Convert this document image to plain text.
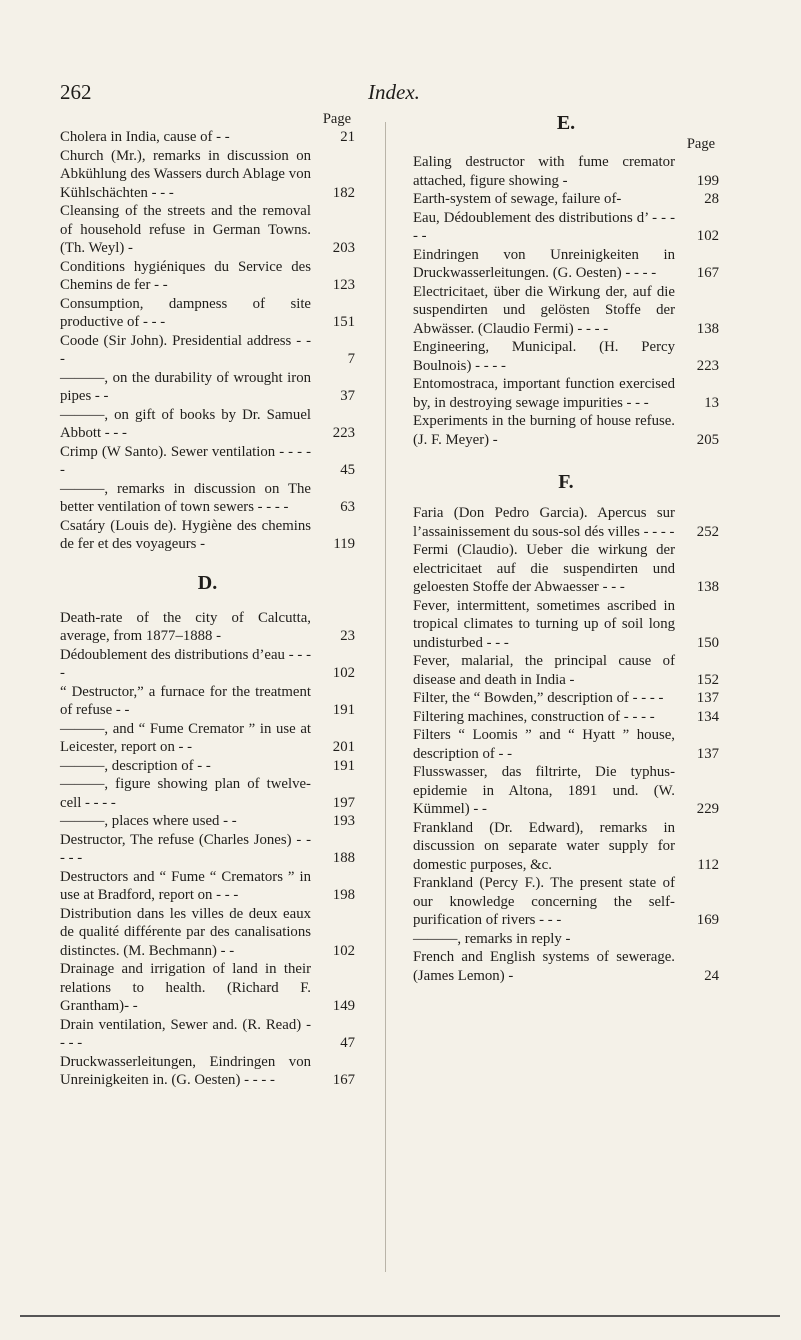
262	Index.
Page
Cholera in India, cause of - -	21
Church (Mr.), remarks in discussion on Abkühlung des Wassers durch Ablage von Kühlschächten - - -	182
Cleansing of the streets and the removal of household refuse in German Towns. (Th. Weyl) -	203
Conditions hygiéniques du Service des Chemins de fer - -	123
Consumption, dampness of site productive of - - -	151
Coode (Sir John). Presidential address - - -	7
———, on the durability of wrought iron pipes - -	37
———, on gift of books by Dr. Samuel Abbott - - -	223
Crimp (W Santo). Sewer ventilation - - - - -	45
———, remarks in discussion on The better ventilation of town sewers - - - -	63
Csatáry (Louis de). Hygiène des chemins de fer et des voyageurs -	119
D.
Death-rate of the city of Calcutta, average, from 1877–1888 -	23
Dédoublement des distributions d’eau - - - -	102
“ Destructor,” a furnace for the treatment of refuse - -	191
———, and “ Fume Cremator ” in use at Leicester, report on - -	201
———, description of - -	191
———, figure showing plan of twelve-cell - - - -	197
———, places where used - -	193
Destructor, The refuse (Charles Jones) - - - - -	188
Destructors and “ Fume “ Cremators ” in use at Bradford, report on - - -	198
Distribution dans les villes de deux eaux de qualité différente par des canalisations distinctes. (M. Bechmann) - -	102
Drainage and irrigation of land in their relations to health. (Richard F. Grantham)- -	149
Drain ventilation, Sewer and. (R. Read) - - - -	47
Druckwasserleitungen, Eindringen von Unreinigkeiten in. (G. Oesten) - - - -	167
E.
Page
Ealing destructor with fume cremator attached, figure showing -	199
Earth-system of sewage, failure of-	28
Eau, Dédoublement des distributions d’ - - - - -	102
Eindringen von Unreinigkeiten in Druckwasserleitungen. (G. Oesten) - - - -	167
Electricitaet, über die Wirkung der, auf die suspendirten und gelösten Stoffe der Abwässer. (Claudio Fermi) - - - -	138
Engineering, Municipal. (H. Percy Boulnois) - - - -	223
Entomostraca, important function exercised by, in destroying sewage impurities - - -	13
Experiments in the burning of house refuse. (J. F. Meyer) -	205
F.
Faria (Don Pedro Garcia). Apercus sur l’assainissement du sous-sol dés villes - - - -	252
Fermi (Claudio). Ueber die wirkung der electricitaet auf die suspendirten und geloesten Stoffe der Abwaesser - - -	138
Fever, intermittent, sometimes ascribed in tropical climates to turning up of soil long undisturbed - - -	150
Fever, malarial, the principal cause of disease and death in India -	152
Filter, the “ Bowden,” description of - - - -	137
Filtering machines, construction of - - - -	134
Filters “ Loomis ” and “ Hyatt ” house, description of - -	137
Flusswasser, das filtrirte, Die typhus-epidemie in Altona, 1891 und. (W. Kümmel) - -	229
Frankland (Dr. Edward), remarks in discussion on separate water supply for domestic purposes, &c.	112
Frankland (Percy F.). The present state of our knowledge concerning the self-purification of rivers - - -	169
———, remarks in reply -
French and English systems of sewerage. (James Lemon) -	24
